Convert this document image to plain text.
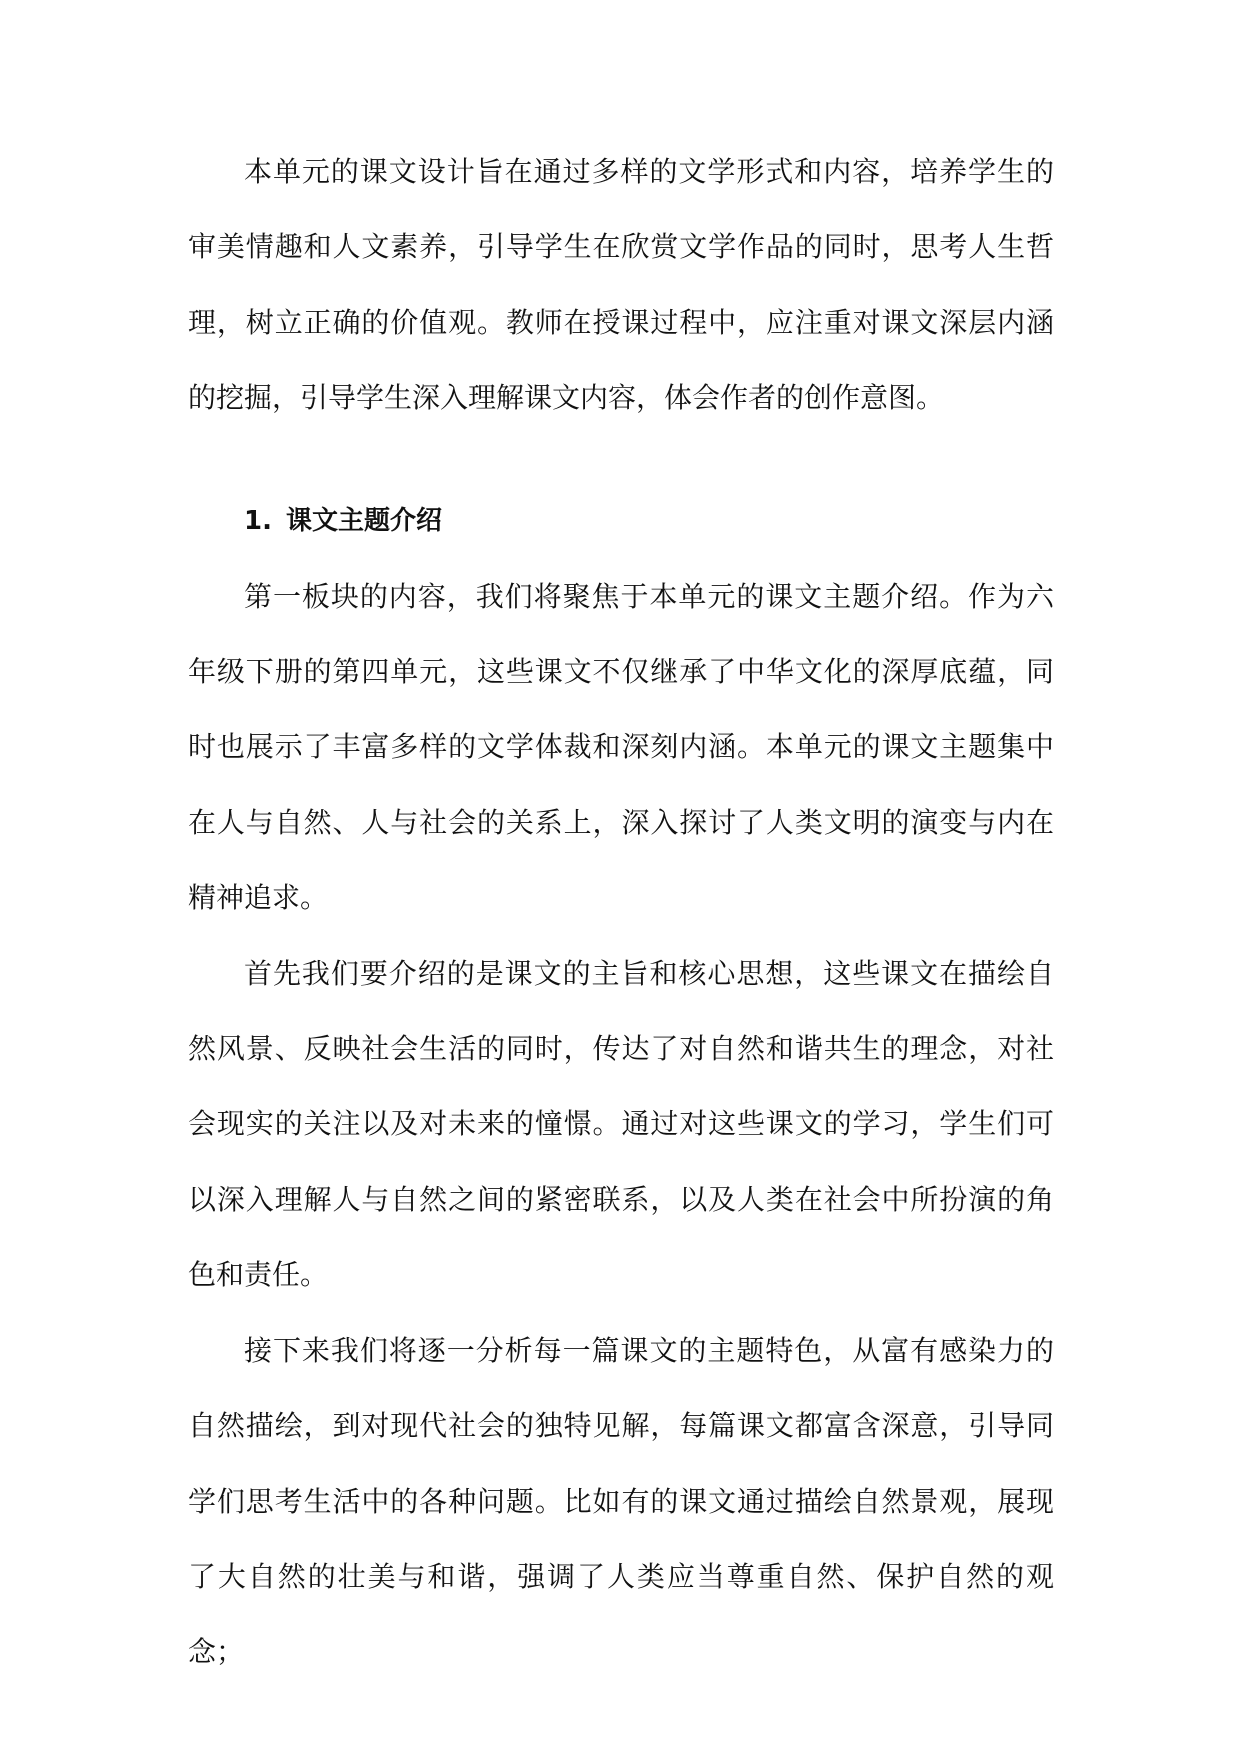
本单元的课文设计旨在通过多样的文学形式和内容，培养学生的审美情趣和人文素养，引导学生在欣赏文学作品的同时，思考人生哲理，树立正确的价值观。教师在授课过程中，应注重对课文深层内涵的挖掘，引导学生深入理解课文内容，体会作者的创作意图。

1. 课文主题介绍

第一板块的内容，我们将聚焦于本单元的课文主题介绍。作为六年级下册的第四单元，这些课文不仅继承了中华文化的深厚底蕴，同时也展示了丰富多样的文学体裁和深刻内涵。本单元的课文主题集中在人与自然、人与社会的关系上，深入探讨了人类文明的演变与内在精神追求。

首先我们要介绍的是课文的主旨和核心思想，这些课文在描绘自然风景、反映社会生活的同时，传达了对自然和谐共生的理念，对社会现实的关注以及对未来的憧憬。通过对这些课文的学习，学生们可以深入理解人与自然之间的紧密联系，以及人类在社会中所扮演的角色和责任。

接下来我们将逐一分析每一篇课文的主题特色，从富有感染力的自然描绘，到对现代社会的独特见解，每篇课文都富含深意，引导同学们思考生活中的各种问题。比如有的课文通过描绘自然景观，展现了大自然的壮美与和谐，强调了人类应当尊重自然、保护自然的观念；
